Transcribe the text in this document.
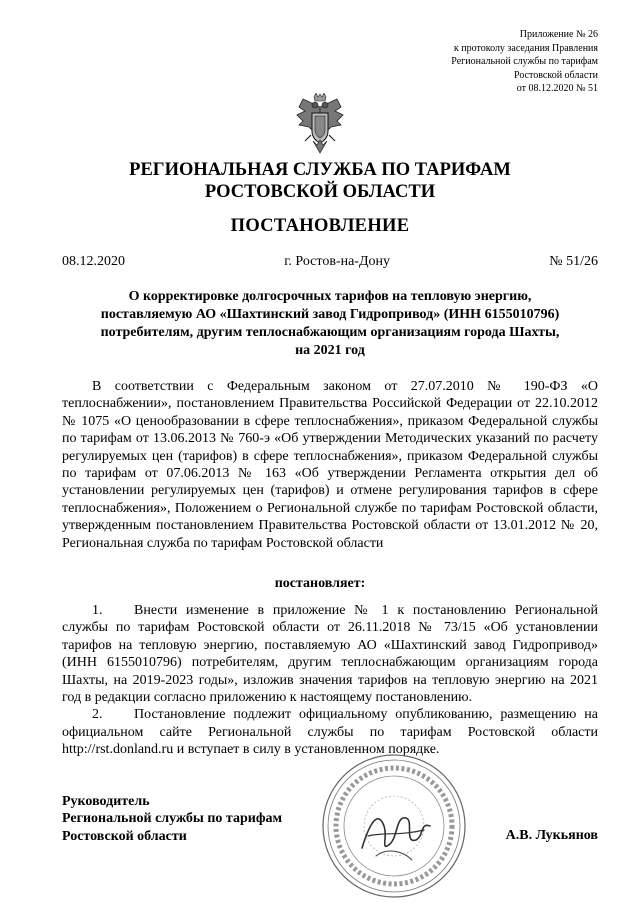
Приложение № 26
к протоколу заседания Правления
Региональной службы по тарифам
Ростовской области
от 08.12.2020 № 51
РЕГИОНАЛЬНАЯ СЛУЖБА ПО ТАРИФАМ
РОСТОВСКОЙ ОБЛАСТИ
ПОСТАНОВЛЕНИЕ
08.12.2020	г. Ростов-на-Дону	№ 51/26
О корректировке долгосрочных тарифов на тепловую энергию,
поставляемую АО «Шахтинский завод Гидропривод» (ИНН 6155010796)
потребителям, другим теплоснабжающим организациям города Шахты,
на 2021 год

В соответствии с Федеральным законом от 27.07.2010 № 190-ФЗ «О теплоснабжении», постановлением Правительства Российской Федерации от 22.10.2012 № 1075 «О ценообразовании в сфере теплоснабжения», приказом Федеральной службы по тарифам от 13.06.2013 № 760-э «Об утверждении Методических указаний по расчету регулируемых цен (тарифов) в сфере теплоснабжения», приказом Федеральной службы по тарифам от 07.06.2013 № 163 «Об утверждении Регламента открытия дел об установлении регулируемых цен (тарифов) и отмене регулирования тарифов в сфере теплоснабжения», Положением о Региональной службе по тарифам Ростовской области, утвержденным постановлением Правительства Ростовской области от 13.01.2012 № 20, Региональная служба по тарифам Ростовской области

постановляет:

1. Внести изменение в приложение № 1 к постановлению Региональной службы по тарифам Ростовской области от 26.11.2018 № 73/15 «Об установлении тарифов на тепловую энергию, поставляемую АО «Шахтинский завод Гидропривод» (ИНН 6155010796) потребителям, другим теплоснабжающим организациям города Шахты, на 2019-2023 годы», изложив значения тарифов на тепловую энергию на 2021 год в редакции согласно приложению к настоящему постановлению.

2. Постановление подлежит официальному опубликованию, размещению на официальном сайте Региональной службы по тарифам Ростовской области http://rst.donland.ru и вступает в силу в установленном порядке.

Руководитель
Региональной службы по тарифам
Ростовской области	А.В. Лукьянов
